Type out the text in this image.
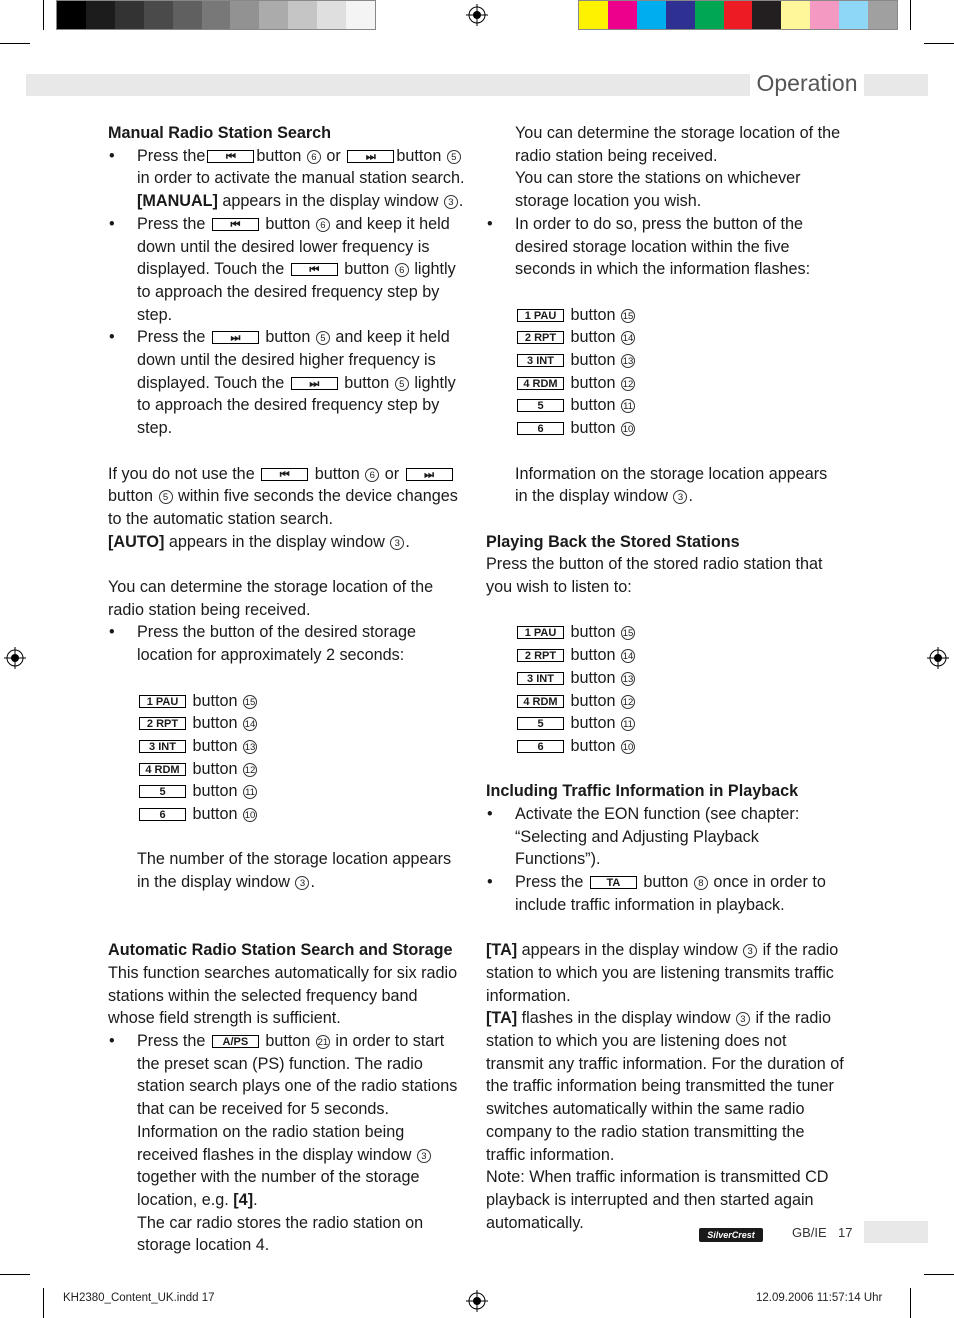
Operation

Manual Radio Station Search

• Press the ⏮ button 6 or ⏭ button 5 in order to activate the manual station search. [MANUAL] appears in the display window 3 .

• Press the ⏮ button 6 and keep it held down until the desired lower frequency is displayed. Touch the ⏮ button 6 lightly to approach the desired frequency step by step.

• Press the ⏭ button 5 and keep it held down until the desired higher frequency is displayed. Touch the ⏭ button 5 lightly to approach the desired frequency step by step.

If you do not use the ⏮ button 6 or ⏭ button 5 within five seconds the device changes to the automatic station search.

[AUTO] appears in the display window 3 .

You can determine the storage location of the radio station being received.

• Press the button of the desired storage location for approximately 2 seconds:

1 PAU button 15

2 RPT button 14

3 INT button 13

4 RDM button 12

5 button 11

6 button 10

The number of the storage location appears in the display window 3 .

Automatic Radio Station Search and Storage

This function searches automatically for six radio stations within the selected frequency band whose field strength is sufficient.

• Press the A/PS button 21 in order to start the preset scan (PS) function. The radio station search plays one of the radio stations that can be received for 5 seconds. Information on the radio station being received flashes in the display window 3 together with the number of the storage location, e.g. [4].

The car radio stores the radio station on storage location 4.

You can determine the storage location of the radio station being received.

You can store the stations on whichever storage location you wish.

• In order to do so, press the button of the desired storage location within the five seconds in which the information flashes:

1 PAU button 15

2 RPT button 14

3 INT button 13

4 RDM button 12

5 button 11

6 button 10

Information on the storage location appears in the display window 3 .

Playing Back the Stored Stations

Press the button of the stored radio station that you wish to listen to:

1 PAU button 15

2 RPT button 14

3 INT button 13

4 RDM button 12

5 button 11

6 button 10

Including Traffic Information in Playback

• Activate the EON function (see chapter: “Selecting and Adjusting Playback Functions”).

• Press the TA button 8 once in order to include traffic information in playback.

[TA] appears in the display window 3 if the radio station to which you are listening transmits traffic information.

[TA] flashes in the display window 3 if the radio station to which you are listening does not transmit any traffic information. For the duration of the traffic information being transmitted the tuner switches automatically within the same radio company to the radio station transmitting the traffic information.

Note: When traffic information is transmitted CD playback is interrupted and then started again automatically.

SilverCrest	GB/IE 17
KH2380_Content_UK.indd 17	12.09.2006 11:57:14 Uhr
